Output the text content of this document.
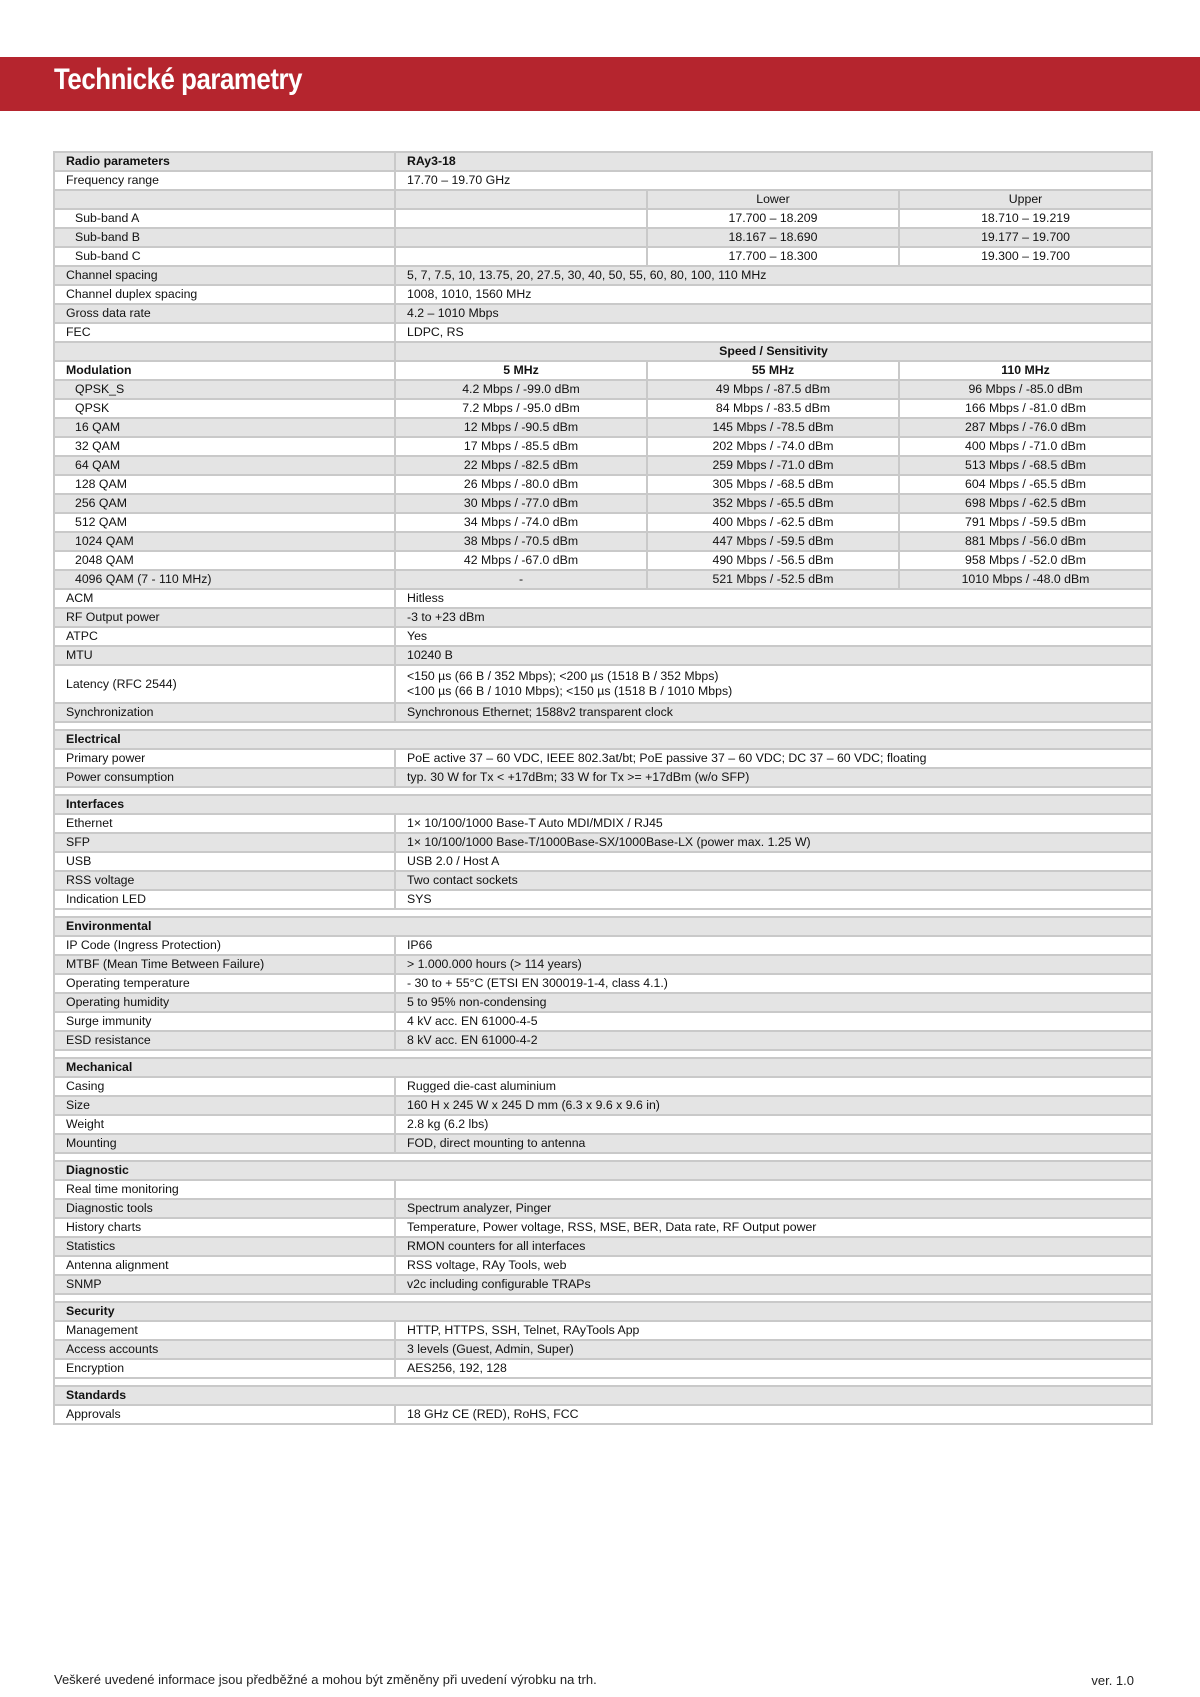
Technické parametry
Radio parameters	RAy3-18		
Frequency range	17.70 – 19.70 GHz		
		Lower	Upper
Sub-band A		17.700 – 18.209	18.710 – 19.219
Sub-band B		18.167 – 18.690	19.177 – 19.700
Sub-band C		17.700 – 18.300	19.300 – 19.700
Channel spacing	5, 7, 7.5, 10, 13.75, 20, 27.5, 30, 40, 50, 55, 60, 80, 100, 110 MHz		
Channel duplex spacing	1008, 1010, 1560 MHz		
Gross data rate	4.2 – 1010 Mbps		
FEC	LDPC, RS		
	Speed / Sensitivity		
Modulation	5 MHz	55 MHz	110 MHz
QPSK_S	4.2 Mbps / -99.0 dBm	49 Mbps / -87.5 dBm	96 Mbps / -85.0 dBm
QPSK	7.2 Mbps / -95.0 dBm	84 Mbps / -83.5 dBm	166 Mbps / -81.0 dBm
16 QAM	12 Mbps / -90.5 dBm	145 Mbps / -78.5 dBm	287 Mbps / -76.0 dBm
32 QAM	17 Mbps / -85.5 dBm	202 Mbps / -74.0 dBm	400 Mbps / -71.0 dBm
64 QAM	22 Mbps / -82.5 dBm	259 Mbps / -71.0 dBm	513 Mbps / -68.5 dBm
128 QAM	26 Mbps / -80.0 dBm	305 Mbps / -68.5 dBm	604 Mbps / -65.5 dBm
256 QAM	30 Mbps / -77.0 dBm	352 Mbps / -65.5 dBm	698 Mbps / -62.5 dBm
512 QAM	34 Mbps / -74.0 dBm	400 Mbps / -62.5 dBm	791 Mbps / -59.5 dBm
1024 QAM	38 Mbps / -70.5 dBm	447 Mbps / -59.5 dBm	881 Mbps / -56.0 dBm
2048 QAM	42 Mbps / -67.0 dBm	490 Mbps / -56.5 dBm	958 Mbps / -52.0 dBm
4096 QAM (7 - 110 MHz)	-	521 Mbps / -52.5 dBm	1010 Mbps / -48.0 dBm
ACM	Hitless		
RF Output power	-3 to +23 dBm		
ATPC	Yes		
MTU	10240 B		
Latency (RFC 2544)	<150 µs (66 B / 352 Mbps); <200 µs (1518 B / 352 Mbps)
<100 µs (66 B / 1010 Mbps); <150 µs (1518 B / 1010 Mbps)		

Synchronization	Synchronous Ethernet; 1588v2 transparent clock		

Electrical			
Primary power	PoE active 37 – 60 VDC, IEEE 802.3at/bt; PoE passive 37 – 60 VDC; DC 37 – 60 VDC; floating		
Power consumption	typ. 30 W for Tx < +17dBm; 33 W for Tx >= +17dBm (w/o SFP)		

Interfaces			
Ethernet	1× 10/100/1000 Base-T Auto MDI/MDIX / RJ45		
SFP	1× 10/100/1000 Base-T/1000Base-SX/1000Base-LX (power max. 1.25 W)		
USB	USB 2.0 / Host A		
RSS voltage	Two contact sockets		
Indication LED	SYS		

Environmental			
IP Code (Ingress Protection)	IP66		
MTBF (Mean Time Between Failure)	> 1.000.000 hours (> 114 years)		
Operating temperature	- 30 to + 55°C (ETSI EN 300019-1-4, class 4.1.)		
Operating humidity	5 to 95% non-condensing		
Surge immunity	4 kV acc. EN 61000-4-5		
ESD resistance	8 kV acc. EN 61000-4-2		

Mechanical			
Casing	Rugged die-cast aluminium		
Size	160 H x 245 W x 245 D mm (6.3 x 9.6 x 9.6 in)		
Weight	2.8 kg (6.2 lbs)		
Mounting	FOD, direct mounting to antenna		

Diagnostic			
Real time monitoring			
Diagnostic tools	Spectrum analyzer, Pinger		
History charts	Temperature, Power voltage, RSS, MSE, BER, Data rate, RF Output power		
Statistics	RMON counters for all interfaces		
Antenna alignment	RSS voltage, RAy Tools, web		
SNMP	v2c including configurable TRAPs		

Security			
Management	HTTP, HTTPS, SSH, Telnet, RAyTools App		
Access accounts	3 levels (Guest, Admin, Super)		
Encryption	AES256, 192, 128		

Standards			
Approvals	18 GHz CE (RED), RoHS, FCC		
Veškeré uvedené informace jsou předběžné a mohou být změněny při uvedení výrobku na trh.	ver. 1.0
